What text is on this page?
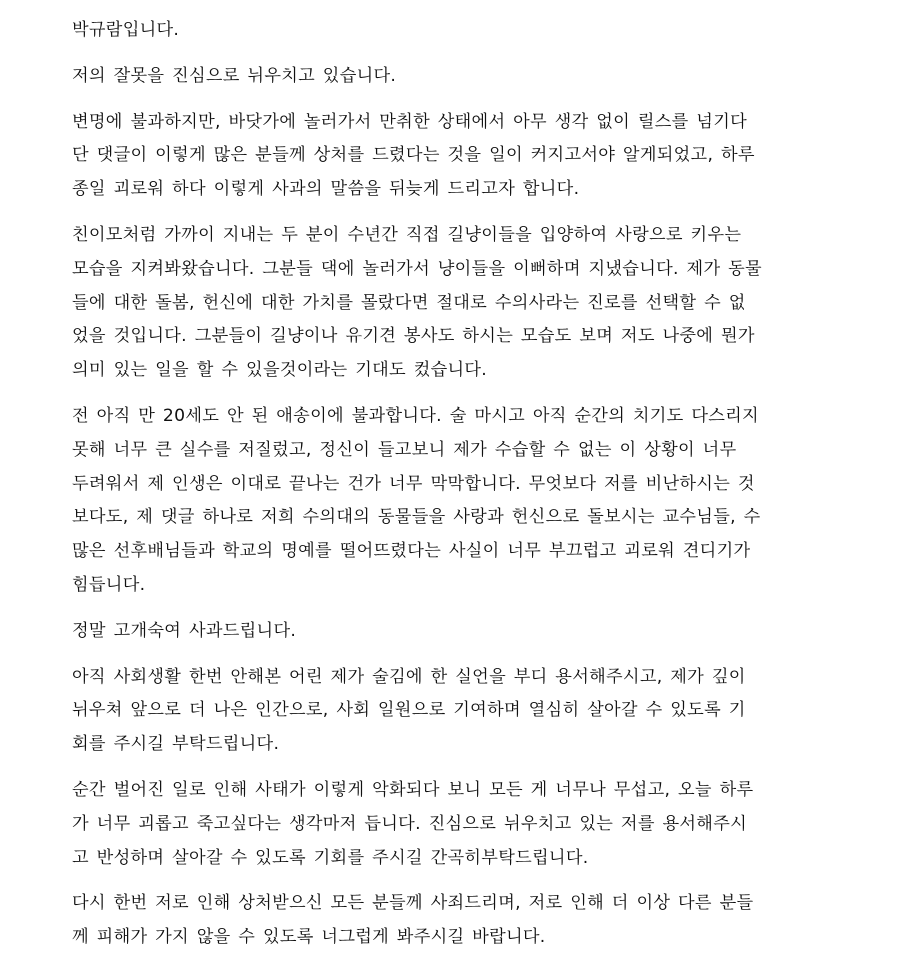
박규람입니다.

저의 잘못을 진심으로 뉘우치고 있습니다.

변명에 불과하지만, 바닷가에 놀러가서 만취한 상태에서 아무 생각 없이 릴스를 넘기다
단 댓글이 이렇게 많은 분들께 상처를 드렸다는 것을 일이 커지고서야 알게되었고, 하루
종일 괴로워 하다 이렇게 사과의 말씀을 뒤늦게 드리고자 합니다.

친이모처럼 가까이 지내는 두 분이 수년간 직접 길냥이들을 입양하여 사랑으로 키우는
모습을 지켜봐왔습니다. 그분들 댁에 놀러가서 냥이들을 이뻐하며 지냈습니다. 제가 동물
들에 대한 돌봄, 헌신에 대한 가치를 몰랐다면 절대로 수의사라는 진로를 선택할 수 없
었을 것입니다. 그분들이 길냥이나 유기견 봉사도 하시는 모습도 보며 저도 나중에 뭔가
의미 있는 일을 할 수 있을것이라는 기대도 컸습니다.

전 아직 만 20세도 안 된 애송이에 불과합니다. 술 마시고 아직 순간의 치기도 다스리지
못해 너무 큰 실수를 저질렀고, 정신이 들고보니 제가 수습할 수 없는 이 상황이 너무
두려워서 제 인생은 이대로 끝나는 건가 너무 막막합니다. 무엇보다 저를 비난하시는 것
보다도, 제 댓글 하나로 저희 수의대의 동물들을 사랑과 헌신으로 돌보시는 교수님들, 수
많은 선후배님들과 학교의 명예를 떨어뜨렸다는 사실이 너무 부끄럽고 괴로워 견디기가
힘듭니다.

정말 고개숙여 사과드립니다.

아직 사회생활 한번 안해본 어린 제가 술김에 한 실언을 부디 용서해주시고, 제가 깊이
뉘우쳐 앞으로 더 나은 인간으로, 사회 일원으로 기여하며 열심히 살아갈 수 있도록 기
회를 주시길 부탁드립니다.

순간 벌어진 일로 인해 사태가 이렇게 악화되다 보니 모든 게 너무나 무섭고, 오늘 하루
가 너무 괴롭고 죽고싶다는 생각마저 듭니다. 진심으로 뉘우치고 있는 저를 용서해주시
고 반성하며 살아갈 수 있도록 기회를 주시길 간곡히부탁드립니다.

다시 한번 저로 인해 상처받으신 모든 분들께 사죄드리며, 저로 인해 더 이상 다른 분들
께 피해가 가지 않을 수 있도록 너그럽게 봐주시길 바랍니다.
